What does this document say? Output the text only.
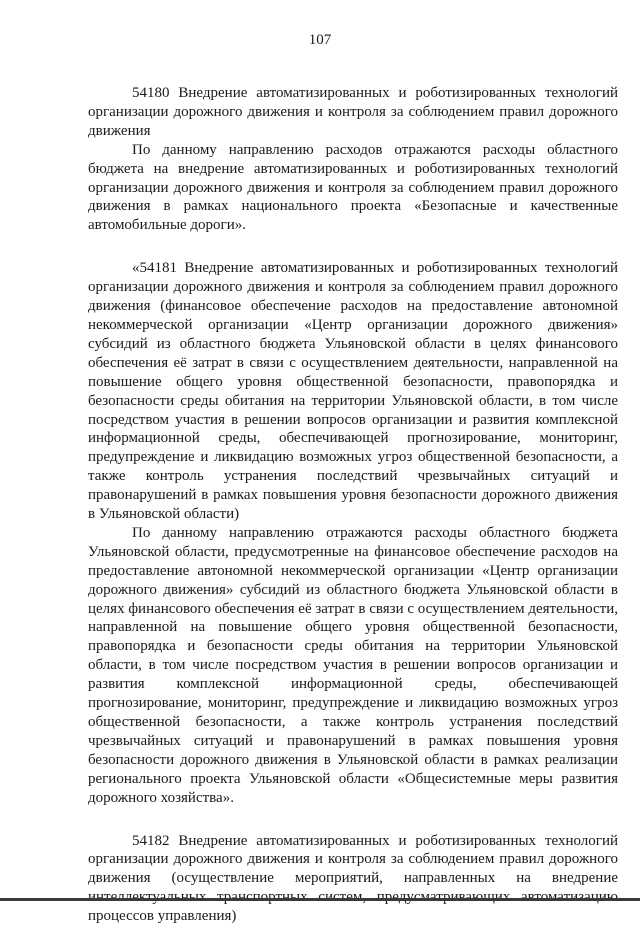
107

54180 Внедрение автоматизированных и роботизированных технологий организации дорожного движения и контроля за соблюдением правил дорожного движения

По данному направлению расходов отражаются расходы областного бюджета на внедрение автоматизированных и роботизированных технологий организации дорожного движения и контроля за соблюдением правил дорожного движения в рамках национального проекта «Безопасные и качественные автомобильные дороги».

«54181 Внедрение автоматизированных и роботизированных технологий организации дорожного движения и контроля за соблюдением правил дорожного движения (финансовое обеспечение расходов на предоставление автономной некоммерческой организации «Центр организации дорожного движения» субсидий из областного бюджета Ульяновской области в целях финансового обеспечения её затрат в связи с осуществлением деятельности, направленной на повышение общего уровня общественной безопасности, правопорядка и безопасности среды обитания на территории Ульяновской области, в том числе посредством участия в решении вопросов организации и развития комплексной информационной среды, обеспечивающей прогнозирование, мониторинг, предупреждение и ликвидацию возможных угроз общественной безопасности, а также контроль устранения последствий чрезвычайных ситуаций и правонарушений в рамках повышения уровня безопасности дорожного движения в Ульяновской области)

По данному направлению отражаются расходы областного бюджета Ульяновской области, предусмотренные на финансовое обеспечение расходов на предоставление автономной некоммерческой организации «Центр организации дорожного движения» субсидий из областного бюджета Ульяновской области в целях финансового обеспечения её затрат в связи с осуществлением деятельности, направленной на повышение общего уровня общественной безопасности, правопорядка и безопасности среды обитания на территории Ульяновской области, в том числе посредством участия в решении вопросов организации и развития комплексной информационной среды, обеспечивающей прогнозирование, мониторинг, предупреждение и ликвидацию возможных угроз общественной безопасности, а также контроль устранения последствий чрезвычайных ситуаций и правонарушений в рамках повышения уровня безопасности дорожного движения в Ульяновской области в рамках реализации регионального проекта Ульяновской области «Общесистемные меры развития дорожного хозяйства».

54182 Внедрение автоматизированных и роботизированных технологий организации дорожного движения и контроля за соблюдением правил дорожного движения (осуществление мероприятий, направленных на внедрение процессов управления)
